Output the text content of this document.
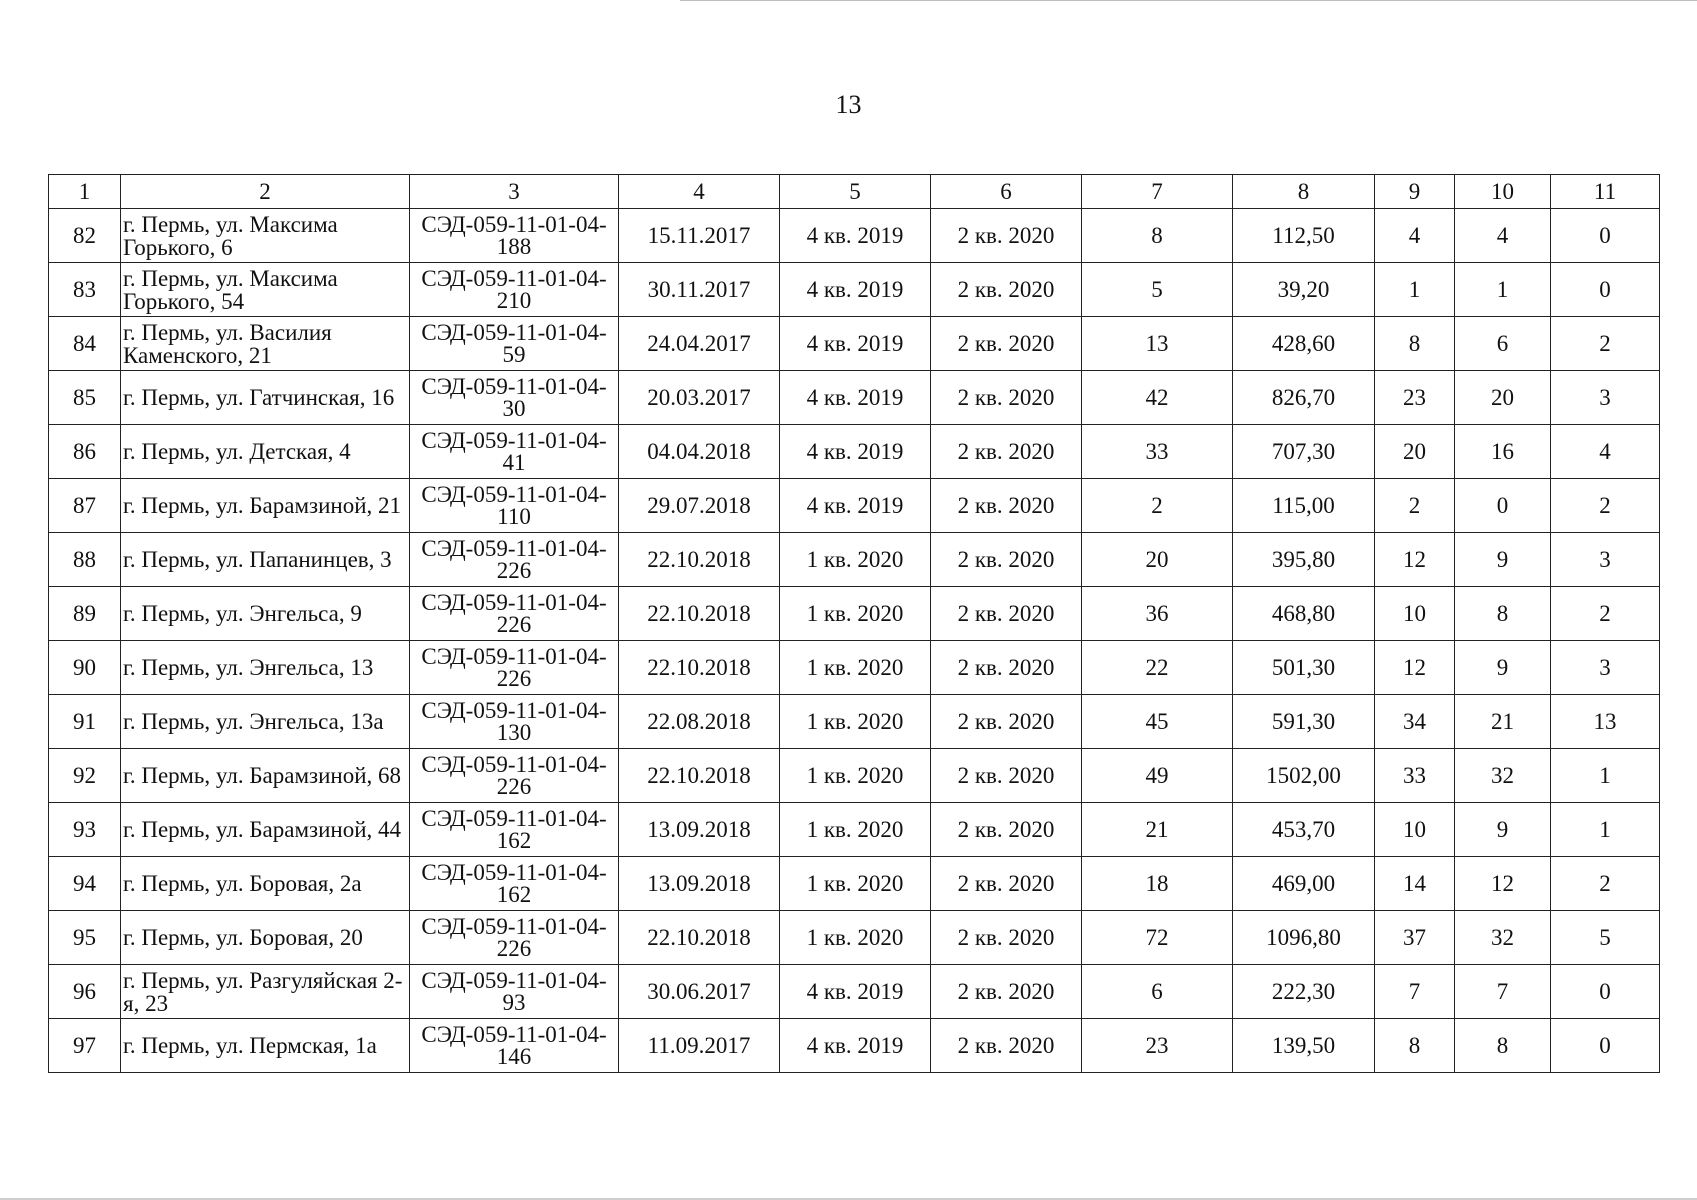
13
1	2	3	4	5	6	7	8	9	10	11
82	г. Пермь, ул. Максима Горького, 6	СЭД-059-11-01-04-188	15.11.2017	4 кв. 2019	2 кв. 2020	8	112,50	4	4	0
83	г. Пермь, ул. Максима Горького, 54	СЭД-059-11-01-04-210	30.11.2017	4 кв. 2019	2 кв. 2020	5	39,20	1	1	0
84	г. Пермь, ул. Василия Каменского, 21	СЭД-059-11-01-04-59	24.04.2017	4 кв. 2019	2 кв. 2020	13	428,60	8	6	2
85	г. Пермь, ул. Гатчинская, 16	СЭД-059-11-01-04-30	20.03.2017	4 кв. 2019	2 кв. 2020	42	826,70	23	20	3
86	г. Пермь, ул. Детская, 4	СЭД-059-11-01-04-41	04.04.2018	4 кв. 2019	2 кв. 2020	33	707,30	20	16	4
87	г. Пермь, ул. Барамзиной, 21	СЭД-059-11-01-04-110	29.07.2018	4 кв. 2019	2 кв. 2020	2	115,00	2	0	2
88	г. Пермь, ул. Папанинцев, 3	СЭД-059-11-01-04-226	22.10.2018	1 кв. 2020	2 кв. 2020	20	395,80	12	9	3
89	г. Пермь, ул. Энгельса, 9	СЭД-059-11-01-04-226	22.10.2018	1 кв. 2020	2 кв. 2020	36	468,80	10	8	2
90	г. Пермь, ул. Энгельса, 13	СЭД-059-11-01-04-226	22.10.2018	1 кв. 2020	2 кв. 2020	22	501,30	12	9	3
91	г. Пермь, ул. Энгельса, 13а	СЭД-059-11-01-04-130	22.08.2018	1 кв. 2020	2 кв. 2020	45	591,30	34	21	13
92	г. Пермь, ул. Барамзиной, 68	СЭД-059-11-01-04-226	22.10.2018	1 кв. 2020	2 кв. 2020	49	1502,00	33	32	1
93	г. Пермь, ул. Барамзиной, 44	СЭД-059-11-01-04-162	13.09.2018	1 кв. 2020	2 кв. 2020	21	453,70	10	9	1
94	г. Пермь, ул. Боровая, 2а	СЭД-059-11-01-04-162	13.09.2018	1 кв. 2020	2 кв. 2020	18	469,00	14	12	2
95	г. Пермь, ул. Боровая, 20	СЭД-059-11-01-04-226	22.10.2018	1 кв. 2020	2 кв. 2020	72	1096,80	37	32	5
96	г. Пермь, ул. Разгуляйская 2-я, 23	СЭД-059-11-01-04-93	30.06.2017	4 кв. 2019	2 кв. 2020	6	222,30	7	7	0
97	г. Пермь, ул. Пермская, 1а	СЭД-059-11-01-04-146	11.09.2017	4 кв. 2019	2 кв. 2020	23	139,50	8	8	0
